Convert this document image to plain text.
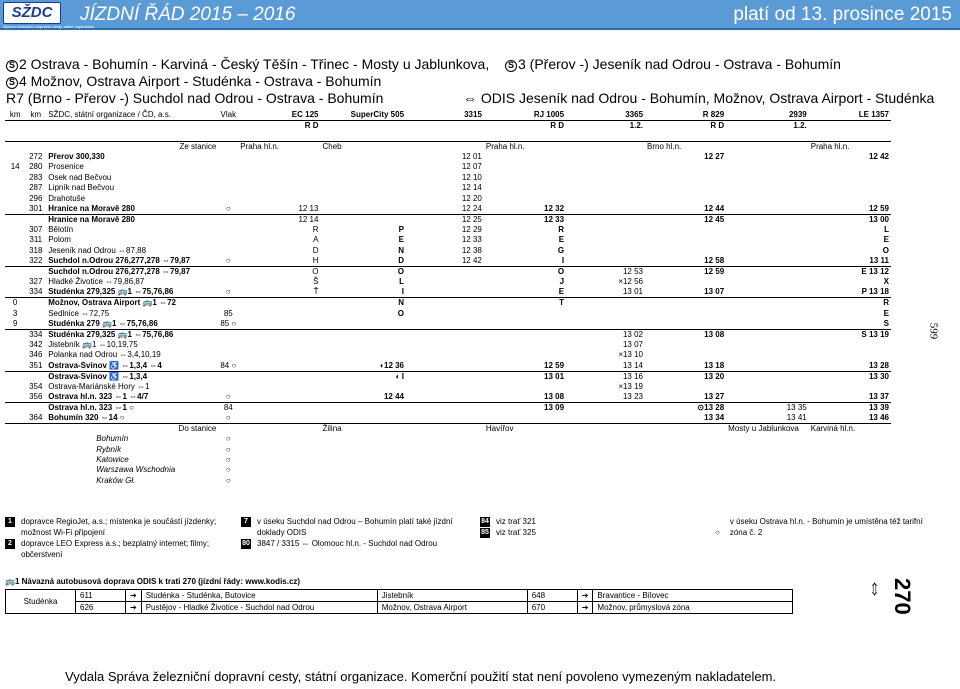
SŽDC
Správa železniční dopravní cesty, státní organizace
JÍZDNÍ ŘÁD 2015 – 2016	platí od 13. prosince 2015
S 2 Ostrava - Bohumín - Karviná - Český Těšín - Třinec - Mosty u Jablunkova,
S 4 Možnov, Ostrava Airport - Studénka - Ostrava - Bohumín
R7 (Brno - Přerov -) Suchdol nad Odrou - Ostrava - Bohumín
S 3 (Přerov -) Jeseník nad Odrou - Ostrava - Bohumín
⇔ ODIS Jeseník nad Odrou - Bohumín, Možnov, Ostrava Airport - Studénka
km	km	SŽDC, státní organizace / ČD, a.s.	Vlak	EC 125	SuperCity 505	3315	RJ 1005	3365	R 829	2939	LE 1357
				R D			R D	1.2.	R D	1.2.	

		Ze stanice		Praha hl.n.	Cheb		Praha hl.n.		Brno hl.n.		Praha hl.n.
	272	Přerov 300,330				12 01			12 27		12 42
14	280	Prosenice				12 07					
	283	Osek nad Bečvou				12 10					
	287	Lipník nad Bečvou				12 14					
	296	Drahotuše				12 20					
	301	Hranice na Moravě 280	○	12 13		12 24	12 32		12 44		12 59
		Hranice na Moravě 280		12 14		12 25	12 33		12 45		13 00
	307	Bělotín		R	P	12 29	R				L
	311	Polom		A	E	12 33	E				E
	318	Jeseník nad Odrou ⇔87,88		D	N	12 38	G				O
	322	Suchdol n.Odrou 276,277,278 ⇔79,87	○	H	D	12 42	I		12 58		13 11
		Suchdol n.Odrou 276,277,278 ⇔79,87		O	O		O	12 53	12 59		E 13 12
	327	Hladké Životice ⇔79,86,87		Š	L		J	×12 56			X
	334	Studénka 279,325 🚌1 ⇔75,76,86	○	Ť	I		E	13 01	13 07		P 13 18
0		Možnov, Ostrava Airport 🚌1 ⇔72			N		T				R
3		Sedlnice ⇔72,75	85		O						E
9		Studénka 279 🚌1 ⇔75,76,86	85 ○								S
	334	Studénka 279,325 🚌1 ⇔75,76,86						13 02	13 08		S 13 19
	342	Jistebník 🚌1 ⇔10,19,75						13 07			
	346	Polanka nad Odrou ⇔3,4,10,19						×13 10			
	351	Ostrava-Svinov ♿ ⇔1,3,4 ⇔4	84 ○		◖12 36		12 59	13 14	13 18		13 28
		Ostrava-Svinov ♿ ⇔1,3,4			◖ I		13 01	13 16	13 20		13 30
	354	Ostrava-Mariánské Hory ⇔1						×13 19			
	356	Ostrava hl.n. 323 ⇔1 ⇔4/7	○		12 44		13 08	13 23	13 27		13 37
		Ostrava hl.n. 323 ⇔1 ○	84				13 09		⊙13 28	13 35	13 39
	364	Bohumín 320 ⇔14 ○	○						13 34	13 41	13 46
		Do stanice			Žilina		Havířov			Mosty u Jablunkova	Karviná hl.n.
		Bohumín	○								
		Rybník	○								
		Katowice	○								
		Warszawa Wschodnia	○								
		Kraków Gł.	○								
1 dopravce RegioJet, a.s.; místenka je součástí jízdenky; možnost Wi-Fi připojení
2 dopravce LEO Express a.s.; bezplatný internet; filmy; občerstvení
7 v úseku Suchdol nad Odrou – Bohumín platí také jízdní doklady ODIS
80 3847 / 3315 ⇔ Olomouc hl.n. - Suchdol nad Odrou
84 viz trať 321
85 viz trať 325	○v úseku Ostrava hl.n. - Bohumín je umístěna též tarifní zóna č. 2
🚌1 Návazná autobusová doprava ODIS k trati 270 (jízdní řády: www.kodis.cz)
Studénka	611	➔	Studénka - Studénka, Butovice	Jistebník	648	➔	Bravantice - Bílovec
	626	➔	Pustějov - Hladké Životice - Suchdol nad Odrou	Možnov, Ostrava Airport	670	➔	Možnov, průmyslová zóna
Vydala Správa železniční dopravní cesty, státní organizace. Komerční použití stat není povoleno vymezeným nakladatelem.
599
270 ⇔
